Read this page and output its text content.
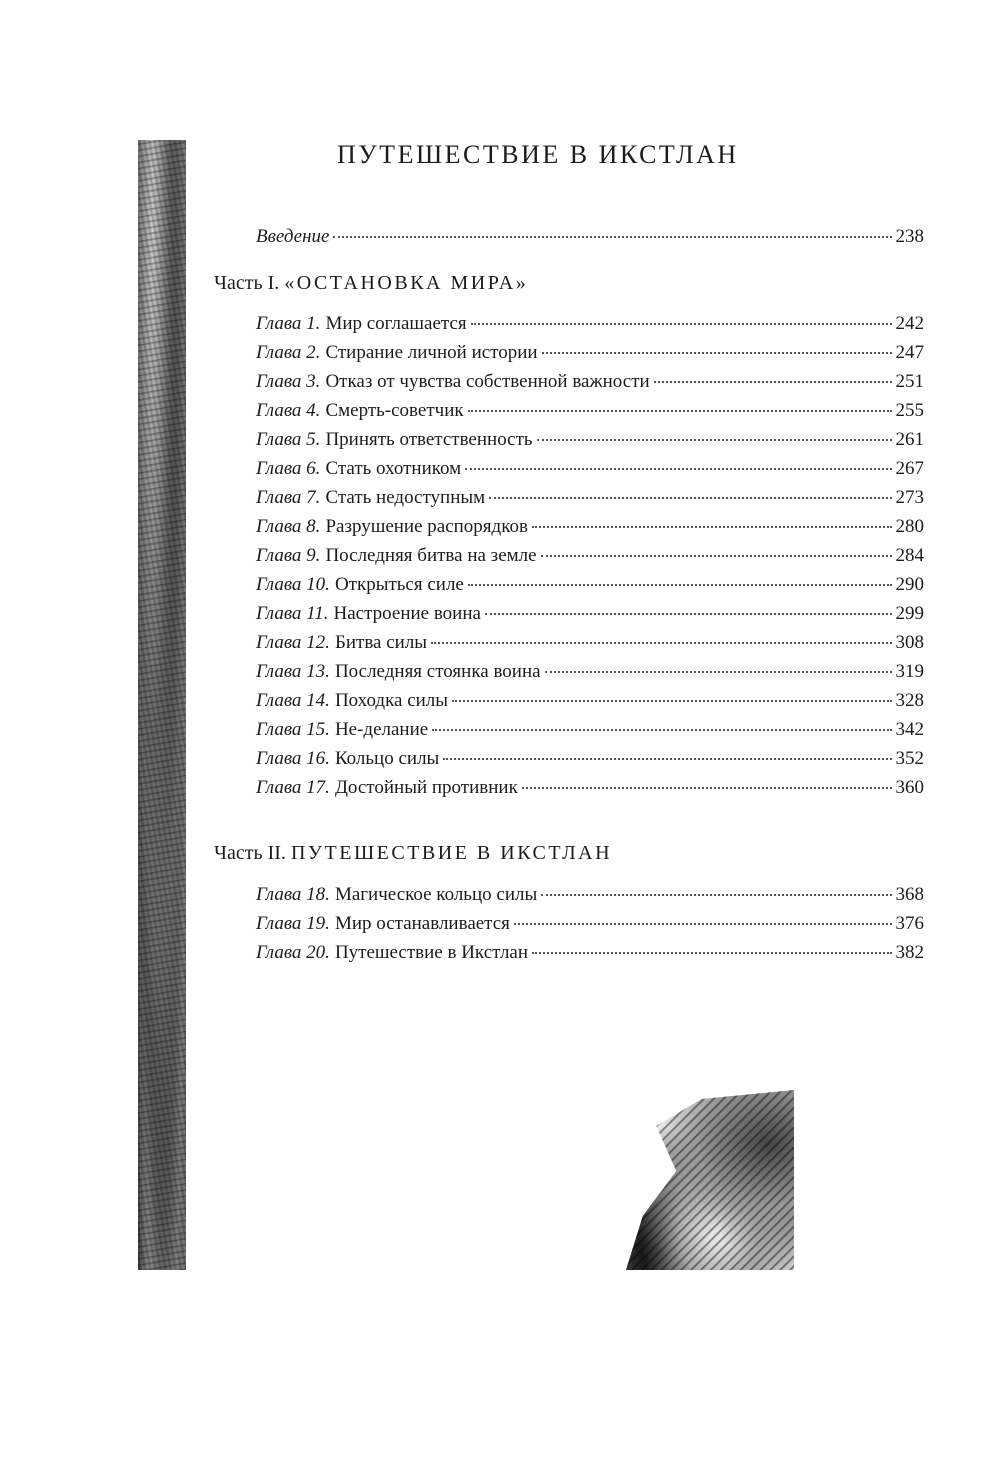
ПУТЕШЕСТВИЕ В ИКСТЛАН
Введение	238
Часть I. «ОСТАНОВКА МИРА»
Глава 1. Мир соглашается	242
Глава 2. Стирание личной истории	247
Глава 3. Отказ от чувства собственной важности	251
Глава 4. Смерть-советчик	255
Глава 5. Принять ответственность	261
Глава 6. Стать охотником	267
Глава 7. Стать недоступным	273
Глава 8. Разрушение распорядков	280
Глава 9. Последняя битва на земле	284
Глава 10. Открыться силе	290
Глава 11. Настроение воина	299
Глава 12. Битва силы	308
Глава 13. Последняя стоянка воина	319
Глава 14. Походка силы	328
Глава 15. Не-делание	342
Глава 16. Кольцо силы	352
Глава 17. Достойный противник	360
Часть II. ПУТЕШЕСТВИЕ В ИКСТЛАН
Глава 18. Магическое кольцо силы	368
Глава 19. Мир останавливается	376
Глава 20. Путешествие в Икстлан	382
